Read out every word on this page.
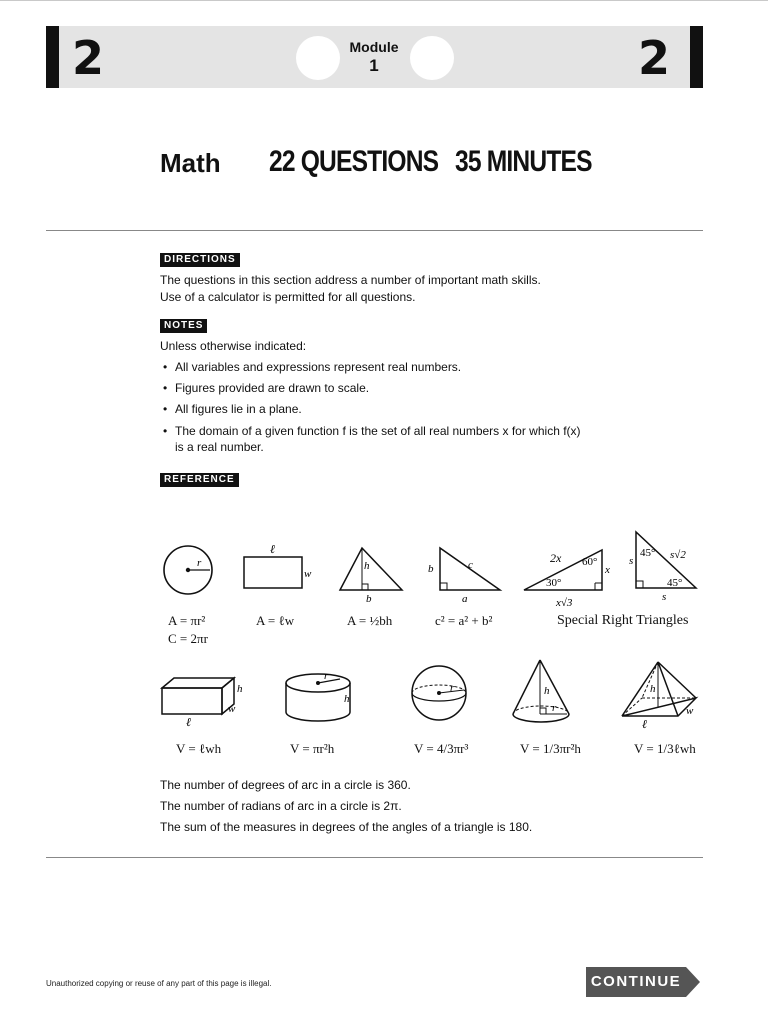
2	2
Module
1
Math 22 QUESTIONS 35 MINUTES
DIRECTIONS
The questions in this section address a number of important math skills.
Use of a calculator is permitted for all questions.
NOTES
Unless otherwise indicated:
• All variables and expressions represent real numbers.
• Figures provided are drawn to scale.
• All figures lie in a plane.
• The domain of a given function f is the set of all real numbers x for which f(x)
is a real number.
REFERENCE
r
ℓ
w
h
b
b	c
a
2x 60°
30°
x
x√3
s
45° s√2
45°
s
A = πr²
C = 2πr
A = ℓw	A = ½bh	c² = a² + b²	Special Right Triangles
h
w
ℓ
r
h
r	h
r
h
w
ℓ
V = ℓwh	V = πr²h	V = 4/3πr³	V = 1/3πr²h	V = 1/3ℓwh
The number of degrees of arc in a circle is 360.
The number of radians of arc in a circle is 2π.
The sum of the measures in degrees of the angles of a triangle is 180.
Unauthorized copying or reuse of any part of this page is illegal.	CONTINUE
